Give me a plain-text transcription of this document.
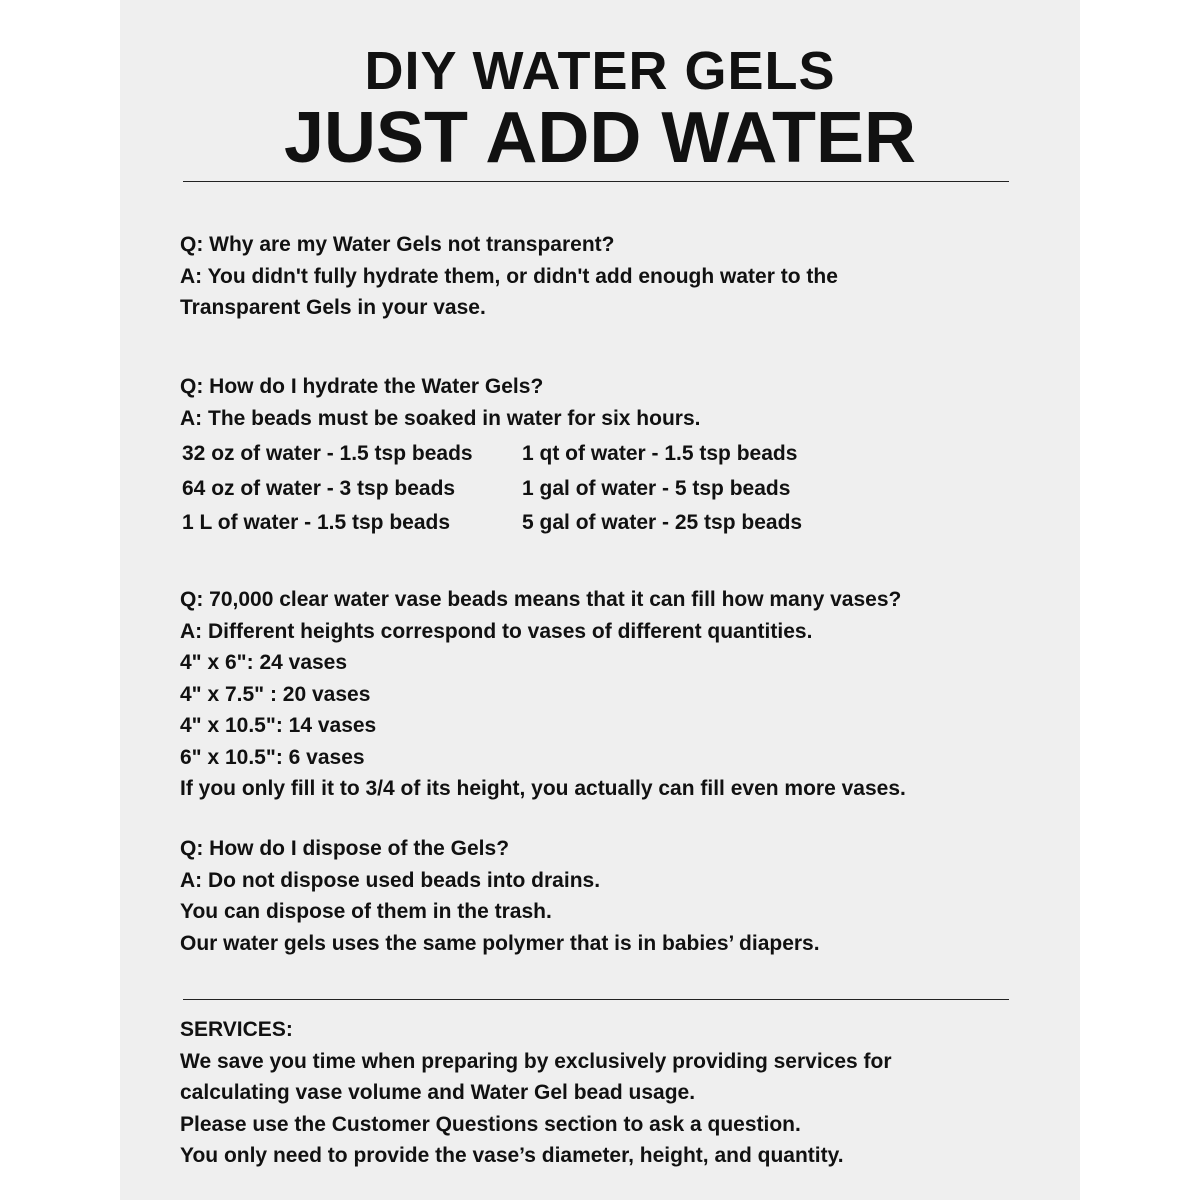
DIY WATER GELS
JUST ADD WATER
Q: Why are my Water Gels not transparent?
A: You didn't fully hydrate them, or didn't add enough water to the
Transparent Gels in your vase.
Q: How do I hydrate the Water Gels?
A: The beads must be soaked in water for six hours.
32 oz of water - 1.5 tsp beads	1 qt of water - 1.5 tsp beads
64 oz of water - 3 tsp beads	1 gal of water - 5 tsp beads
1 L of water - 1.5 tsp beads	5 gal of water - 25 tsp beads
Q: 70,000 clear water vase beads means that it can fill how many vases?
A: Different heights correspond to vases of different quantities.
4" x 6": 24 vases
4" x 7.5" : 20 vases
4" x 10.5": 14 vases
6" x 10.5": 6 vases
If you only fill it to 3/4 of its height, you actually can fill even more vases.
Q: How do I dispose of the Gels?
A: Do not dispose used beads into drains.
You can dispose of them in the trash.
Our water gels uses the same polymer that is in babies’ diapers.
SERVICES:
We save you time when preparing by exclusively providing services for
calculating vase volume and Water Gel bead usage.
Please use the Customer Questions section to ask a question.
You only need to provide the vase’s diameter, height, and quantity.
